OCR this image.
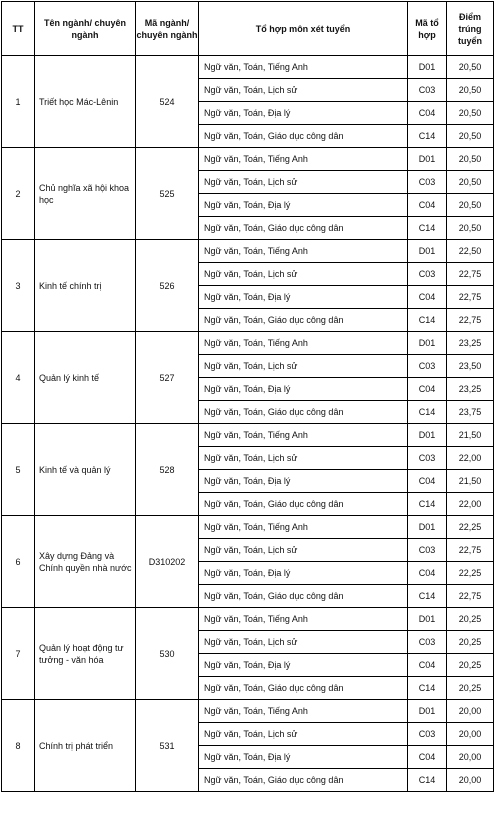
TT	Tên ngành/ chuyên ngành	Mã ngành/ chuyên ngành	Tổ hợp môn xét tuyển	Mã tổ hợp	Điểm trúng tuyển
1	Triết học Mác-Lênin	524	Ngữ văn, Toán, Tiếng Anh	D01	20,50
			Ngữ văn, Toán, Lịch sử	C03	20,50
			Ngữ văn, Toán, Địa lý	C04	20,50
			Ngữ văn, Toán, Giáo dục công dân	C14	20,50
2	Chủ nghĩa xã hội khoa học	525	Ngữ văn, Toán, Tiếng Anh	D01	20,50
			Ngữ văn, Toán, Lịch sử	C03	20,50
			Ngữ văn, Toán, Địa lý	C04	20,50
			Ngữ văn, Toán, Giáo dục công dân	C14	20,50
3	Kinh tế chính trị	526	Ngữ văn, Toán, Tiếng Anh	D01	22,50
			Ngữ văn, Toán, Lịch sử	C03	22,75
			Ngữ văn, Toán, Địa lý	C04	22,75
			Ngữ văn, Toán, Giáo dục công dân	C14	22,75
4	Quản lý kinh tế	527	Ngữ văn, Toán, Tiếng Anh	D01	23,25
			Ngữ văn, Toán, Lịch sử	C03	23,50
			Ngữ văn, Toán, Địa lý	C04	23,25
			Ngữ văn, Toán, Giáo dục công dân	C14	23,75
5	Kinh tế và quản lý	528	Ngữ văn, Toán, Tiếng Anh	D01	21,50
			Ngữ văn, Toán, Lịch sử	C03	22,00
			Ngữ văn, Toán, Địa lý	C04	21,50
			Ngữ văn, Toán, Giáo dục công dân	C14	22,00
6	Xây dựng Đảng và Chính quyền nhà nước	D310202	Ngữ văn, Toán, Tiếng Anh	D01	22,25
			Ngữ văn, Toán, Lịch sử	C03	22,75
			Ngữ văn, Toán, Địa lý	C04	22,25
			Ngữ văn, Toán, Giáo dục công dân	C14	22,75
7	Quản lý hoạt động tư tưởng - văn hóa	530	Ngữ văn, Toán, Tiếng Anh	D01	20,25
			Ngữ văn, Toán, Lịch sử	C03	20,25
			Ngữ văn, Toán, Địa lý	C04	20,25
			Ngữ văn, Toán, Giáo dục công dân	C14	20,25
8	Chính trị phát triển	531	Ngữ văn, Toán, Tiếng Anh	D01	20,00
			Ngữ văn, Toán, Lịch sử	C03	20,00
			Ngữ văn, Toán, Địa lý	C04	20,00
			Ngữ văn, Toán, Giáo dục công dân	C14	20,00
